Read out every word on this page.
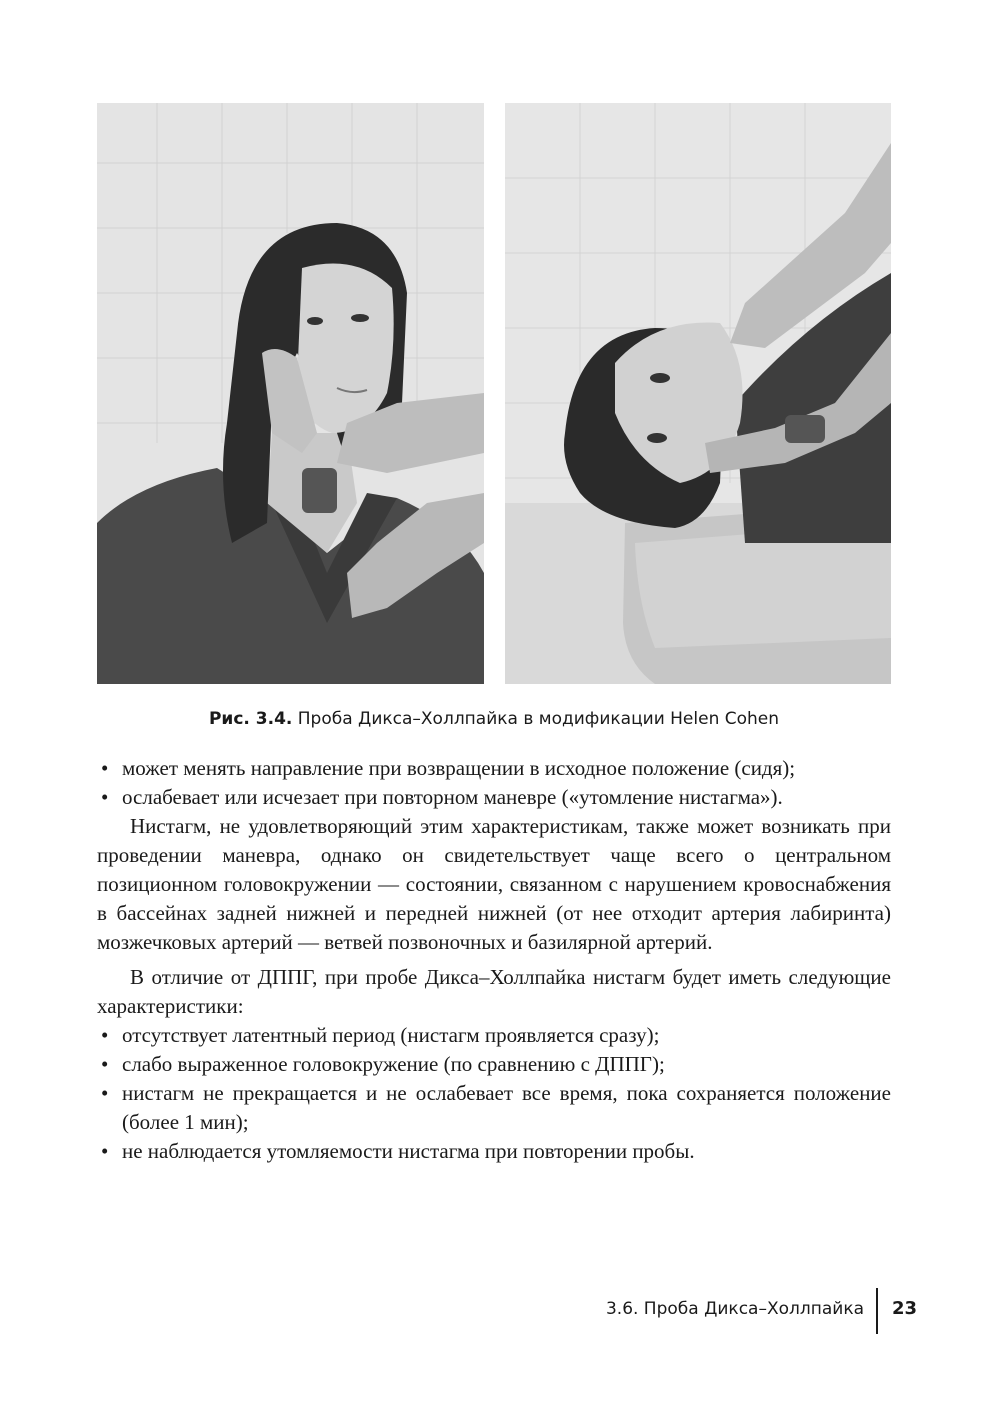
Рис. 3.4. Проба Дикса–Холлпайка в модификации Helen Cohen
• может менять направление при возвращении в исходное положение (сидя);
• ослабевает или исчезает при повторном маневре («утомление нистагма»).
Нистагм, не удовлетворяющий этим характеристикам, также может возникать при проведении маневра, однако он свидетельствует чаще всего о центральном позиционном головокружении — состоянии, связанном с нарушением кровоснабжения в бассейнах задней нижней и передней нижней (от нее отходит артерия лабиринта) мозжечковых артерий — ветвей позвоночных и базилярной артерий.
В отличие от ДППГ, при пробе Дикса–Холлпайка нистагм будет иметь следующие характеристики:
• отсутствует латентный период (нистагм проявляется сразу);
• слабо выраженное головокружение (по сравнению с ДППГ);
• нистагм не прекращается и не ослабевает все время, пока сохраняется положение (более 1 мин);
• не наблюдается утомляемости нистагма при повторении пробы.
3.6. Проба Дикса–Холлпайка 23
